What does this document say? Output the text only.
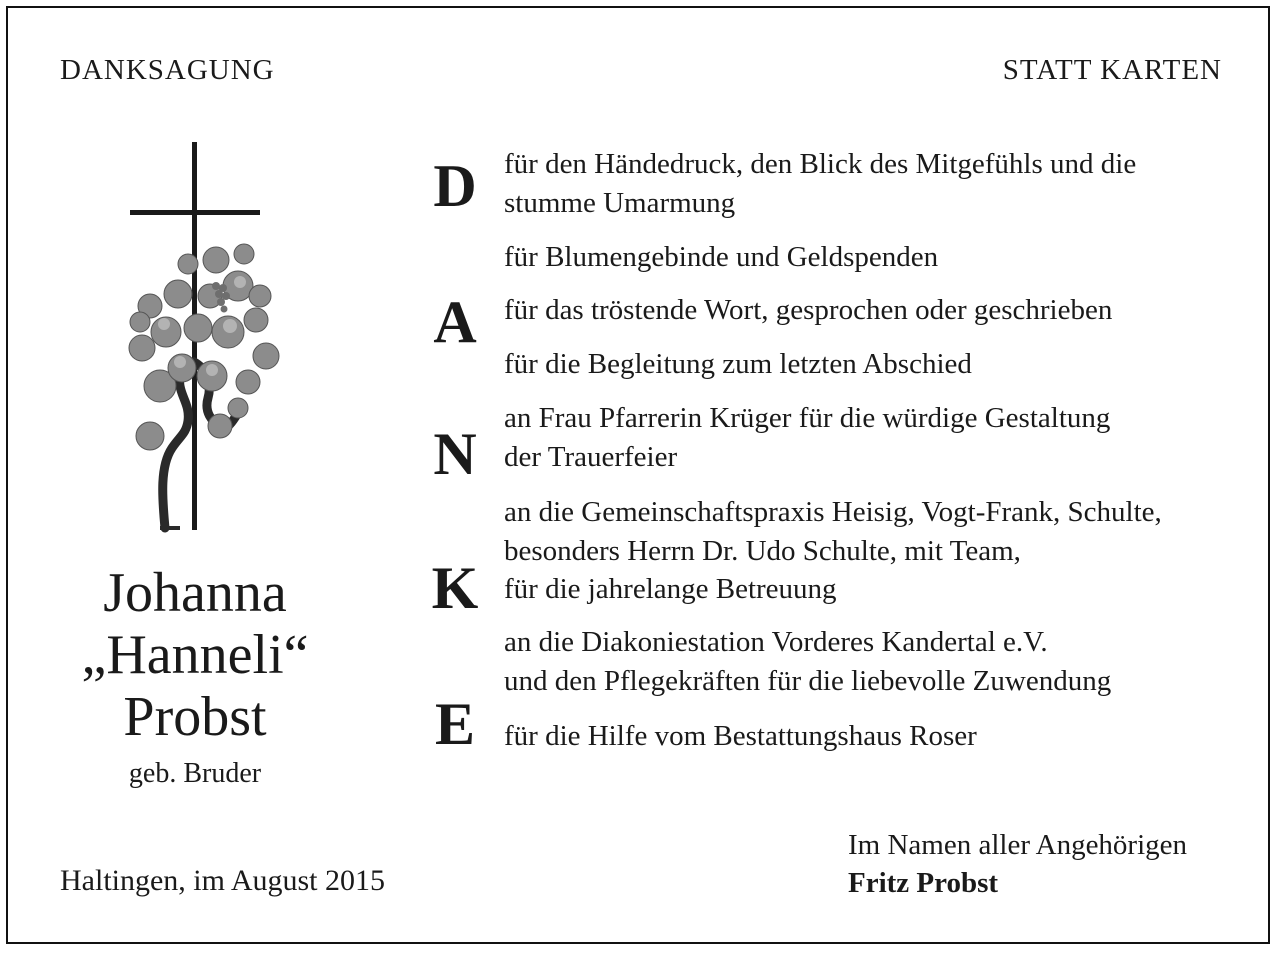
DANKSAGUNG	STATT KARTEN
Johanna
„Hanneli“
Probst
geb. Bruder
Haltingen, im August 2015
D
A
N
K
E
für den Händedruck, den Blick des Mitgefühls und die
stumme Umarmung
für Blumengebinde und Geldspenden
für das tröstende Wort, gesprochen oder geschrieben
für die Begleitung zum letzten Abschied
an Frau Pfarrerin Krüger für die würdige Gestaltung
der Trauerfeier
an die Gemeinschaftspraxis Heisig, Vogt-Frank, Schulte,
besonders Herrn Dr. Udo Schulte, mit Team,
für die jahrelange Betreuung
an die Diakoniestation Vorderes Kandertal e.V.
und den Pflegekräften für die liebevolle Zuwendung
für die Hilfe vom Bestattungshaus Roser
Im Namen aller Angehörigen
Fritz Probst
